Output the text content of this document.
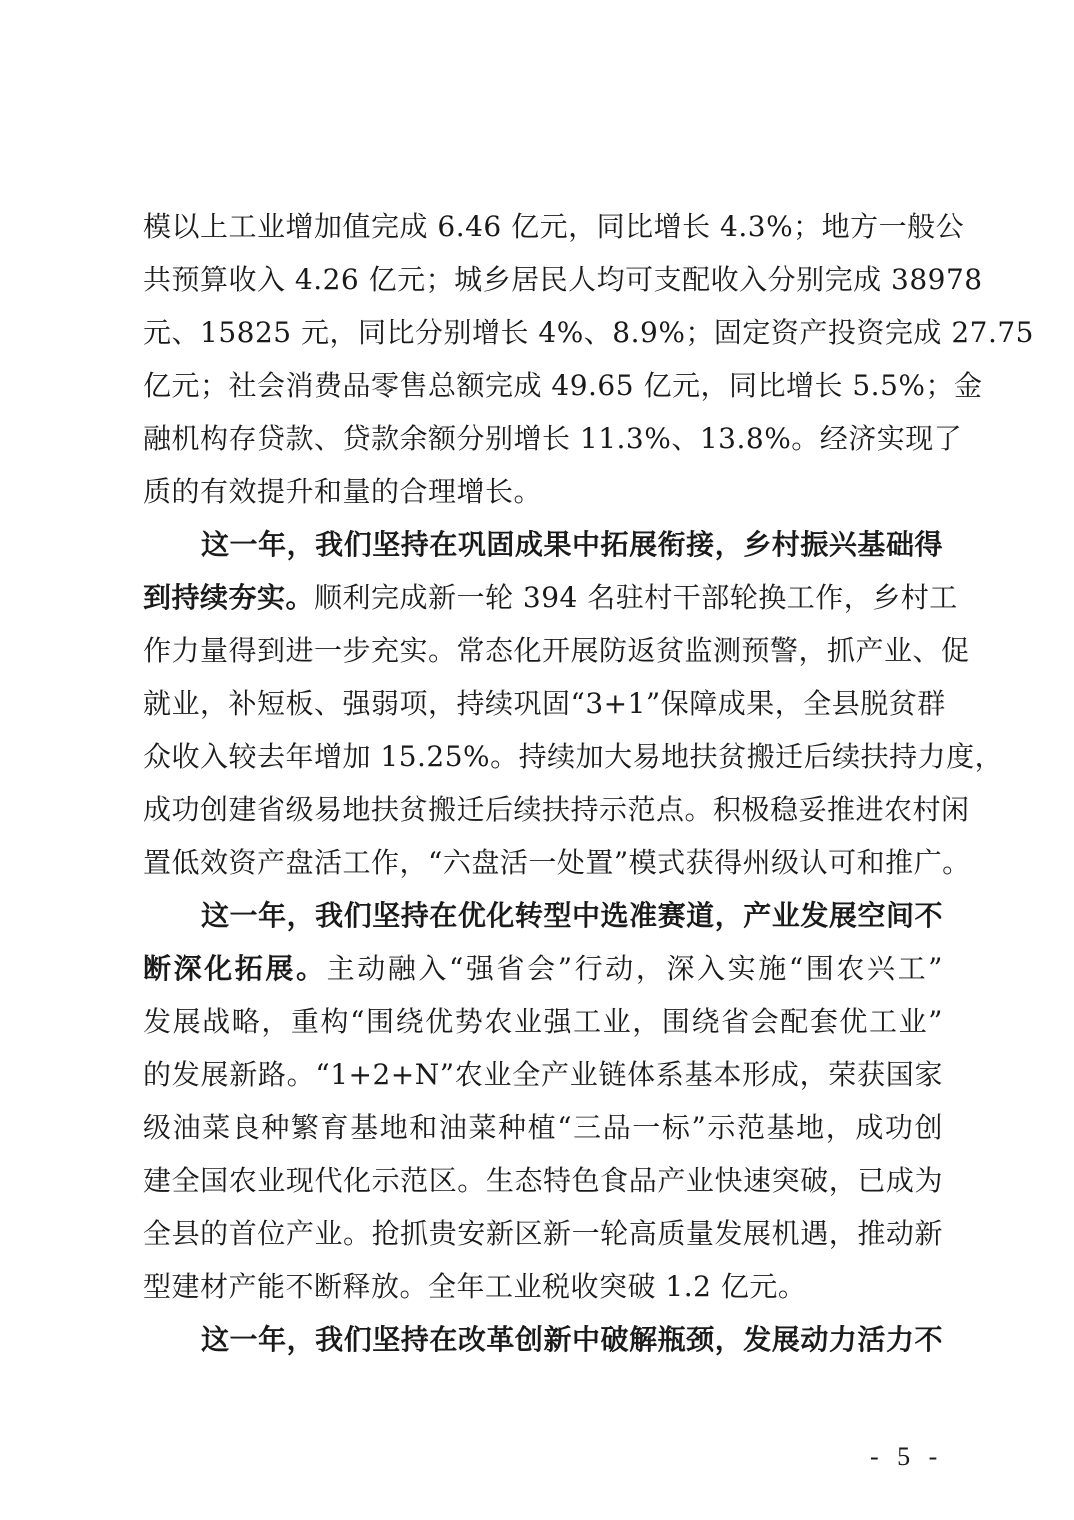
模以上工业增加值完成 6.46 亿元，同比增长 4.3%；地方一般公
共预算收入 4.26 亿元；城乡居民人均可支配收入分别完成 38978
元、15825 元，同比分别增长 4%、8.9%；固定资产投资完成 27.75
亿元；社会消费品零售总额完成 49.65 亿元，同比增长 5.5%；金
融机构存贷款、贷款余额分别增长 11.3%、13.8%。经济实现了
质的有效提升和量的合理增长。
这一年，我们坚持在巩固成果中拓展衔接，乡村振兴基础得
到持续夯实。顺利完成新一轮 394 名驻村干部轮换工作，乡村工
作力量得到进一步充实。常态化开展防返贫监测预警，抓产业、促
就业，补短板、强弱项，持续巩固“3+1”保障成果，全县脱贫群
众收入较去年增加 15.25%。持续加大易地扶贫搬迁后续扶持力度，
成功创建省级易地扶贫搬迁后续扶持示范点。积极稳妥推进农村闲
置低效资产盘活工作，“六盘活一处置”模式获得州级认可和推广。
这一年，我们坚持在优化转型中选准赛道，产业发展空间不
断深化拓展。主动融入“强省会”行动，深入实施“围农兴工”
发展战略，重构“围绕优势农业强工业，围绕省会配套优工业”
的发展新路。“1+2+N”农业全产业链体系基本形成，荣获国家
级油菜良种繁育基地和油菜种植“三品一标”示范基地，成功创
建全国农业现代化示范区。生态特色食品产业快速突破，已成为
全县的首位产业。抢抓贵安新区新一轮高质量发展机遇，推动新
型建材产能不断释放。全年工业税收突破 1.2 亿元。
这一年，我们坚持在改革创新中破解瓶颈，发展动力活力不
- 5 -
